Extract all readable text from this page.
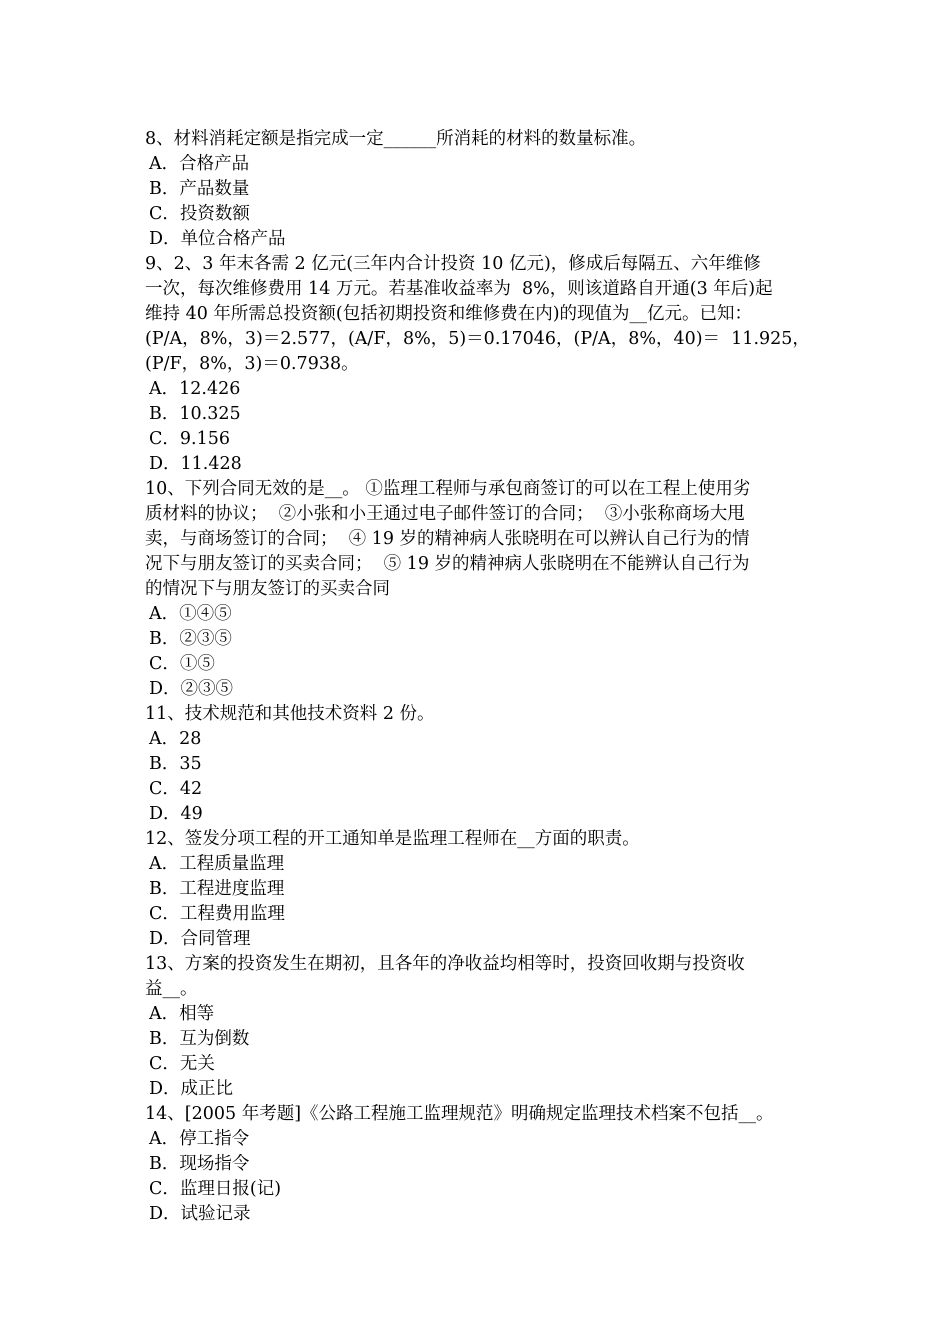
8、材料消耗定额是指完成一定______所消耗的材料的数量标准。
A．合格产品
B．产品数量
C．投资数额
D．单位合格产品
9、2、3 年末各需 2 亿元(三年内合计投资 10 亿元)，修成后每隔五、六年维修
一次，每次维修费用 14 万元。若基准收益率为  8%，则该道路自开通(3 年后)起
维持 40 年所需总投资额(包括初期投资和维修费在内)的现值为__亿元。已知：
(P/A，8%，3)＝2.577，(A/F，8%，5)＝0.17046，(P/A，8%，40)＝  11.925，
(P/F，8%，3)＝0.7938。
A．12.426
B．10.325
C．9.156
D．11.428
10、下列合同无效的是__。 ①监理工程师与承包商签订的可以在工程上使用劣
质材料的协议；  ②小张和小王通过电子邮件签订的合同；  ③小张称商场大甩
卖，与商场签订的合同；  ④ 19 岁的精神病人张晓明在可以辨认自己行为的情
况下与朋友签订的买卖合同；  ⑤ 19 岁的精神病人张晓明在不能辨认自己行为
的情况下与朋友签订的买卖合同
A．①④⑤
B．②③⑤
C．①⑤
D．②③⑤
11、技术规范和其他技术资料 2 份。
A．28
B．35
C．42
D．49
12、签发分项工程的开工通知单是监理工程师在__方面的职责。
A．工程质量监理
B．工程进度监理
C．工程费用监理
D．合同管理
13、方案的投资发生在期初，且各年的净收益均相等时，投资回收期与投资收
益__。
A．相等
B．互为倒数
C．无关
D．成正比
14、[2005 年考题]《公路工程施工监理规范》明确规定监理技术档案不包括__。
A．停工指令
B．现场指令
C．监理日报(记)
D．试验记录
